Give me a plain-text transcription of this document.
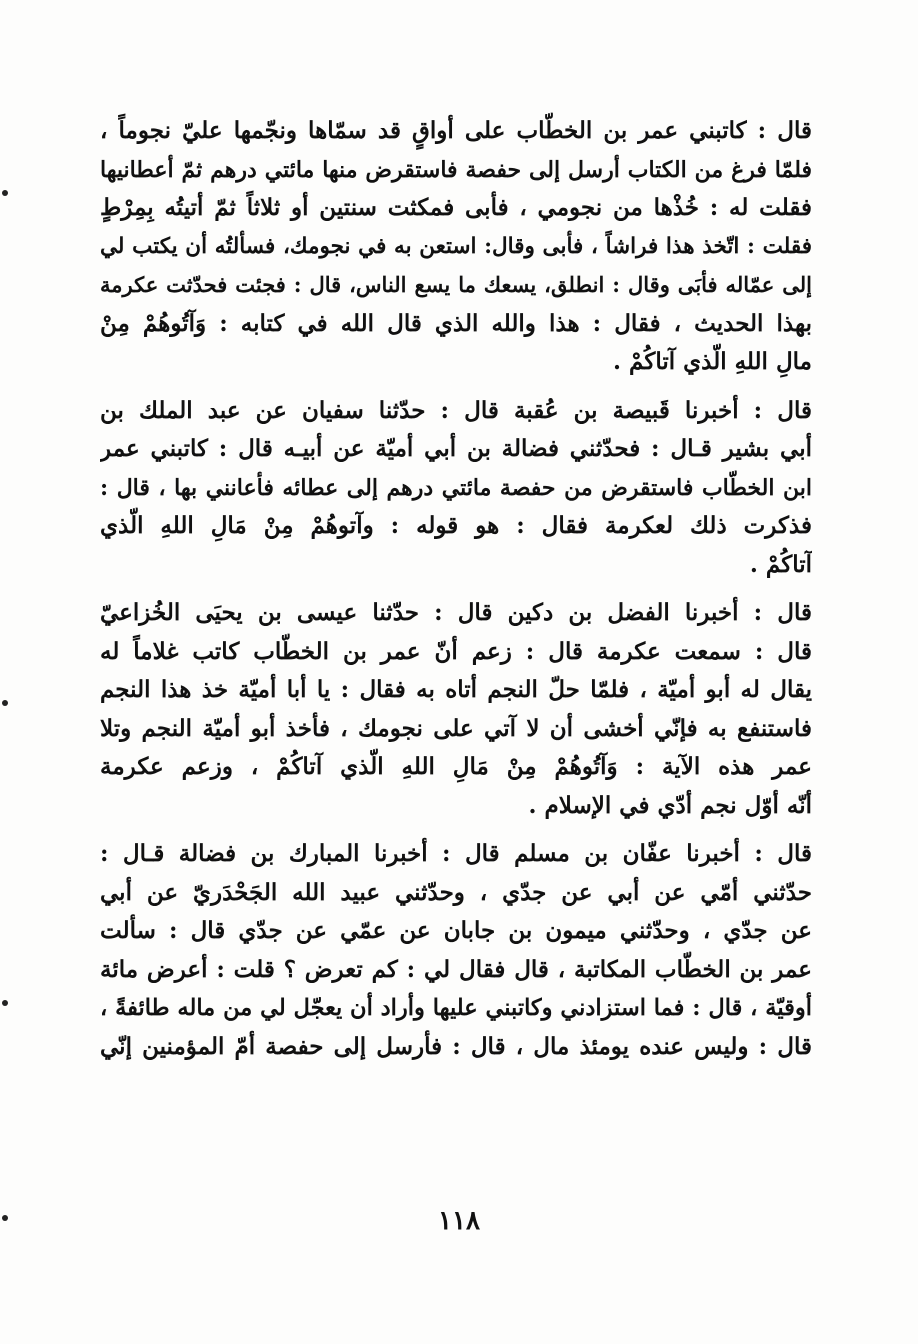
قال : كاتبني عمر بن الخطّاب على أواقٍ قد سمّاها ونجّمها عليّ نجوماً ،
فلمّا فرغ من الكتاب أرسل إلى حفصة فاستقرض منها مائتي درهم ثمّ أعطانيها
فقلت له : خُذْها من نجومي ، فأبى فمكثت سنتين أو ثلاثاً ثمّ أتيتُه بِمِرْطٍ
فقلت : اتّخذ هذا فراشاً ، فأبى وقال: استعن به في نجومك، فسألتُه أن يكتب لي
إلى عمّاله فأبَى وقال : انطلق، يسعك ما يسع الناس، قال : فجئت فحدّثت عكرمة
بهذا الحديث ، فقال : هذا والله الذي قال الله في كتابه : وَآتُوهُمْ مِنْ
مالِ اللهِ الّذي آتاكُمْ .
قال : أخبرنا قَبيصة بن عُقبة قال : حدّثنا سفيان عن عبد الملك بن
أبي بشير قـال : فحدّثني فضالة بن أبي أميّة عن أبيـه قال : كاتبني عمر
ابن الخطّاب فاستقرض من حفصة مائتي درهم إلى عطائه فأعانني بها ، قال :
فذكرت ذلك لعكرمة فقال : هو قوله : وآتوهُمْ مِنْ مَالِ اللهِ الّذي
آتاكُمْ .
قال : أخبرنا الفضل بن دكين قال : حدّثنا عيسى بن يحيَى الخُزاعيّ
قال : سمعت عكرمة قال : زعم أنّ عمر بن الخطّاب كاتب غلاماً له
يقال له أبو أميّة ، فلمّا حلّ النجم أتاه به فقال : يا أبا أميّة خذ هذا النجم
فاستنفع به فإنّي أخشى أن لا آتي على نجومك ، فأخذ أبو أميّة النجم وتلا
عمر هذه الآية : وَآتُوهُمْ مِنْ مَالِ اللهِ الّذي آتاكُمْ ، وزعم عكرمة
أنّه أوّل نجم أدّي في الإسلام .
قال : أخبرنا عفّان بن مسلم قال : أخبرنا المبارك بن فضالة قـال :
حدّثني أمّي عن أبي عن جدّي ، وحدّثني عبيد الله الجَحْدَريّ عن أبي
عن جدّي ، وحدّثني ميمون بن جابان عن عمّي عن جدّي قال : سألت
عمر بن الخطّاب المكاتبة ، قال فقال لي : كم تعرض ؟ قلت : أعرض مائة
أوقيّة ، قال : فما استزادني وكاتبني عليها وأراد أن يعجّل لي من ماله طائفةً ،
قال : وليس عنده يومئذ مال ، قال : فأرسل إلى حفصة أمّ المؤمنين إنّي
١١٨
